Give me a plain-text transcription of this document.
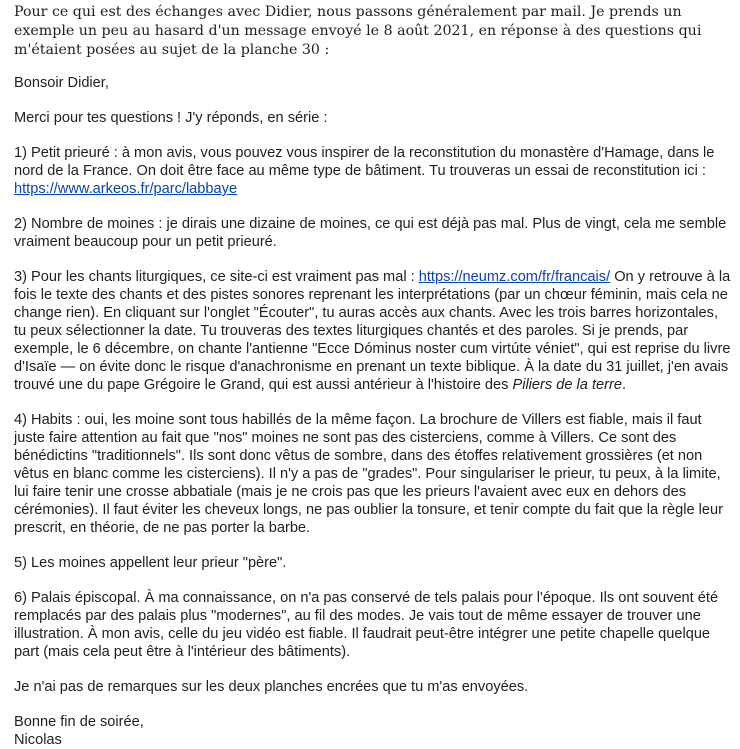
Pour ce qui est des échanges avec Didier, nous passons généralement par mail. Je prends un exemple un peu au hasard d'un message envoyé le 8 août 2021, en réponse à des questions qui m'étaient posées au sujet de la planche 30 :

Bonsoir Didier,

Merci pour tes questions ! J'y réponds, en série :

1) Petit prieuré : à mon avis, vous pouvez vous inspirer de la reconstitution du monastère d'Hamage, dans le nord de la France. On doit être face au même type de bâtiment. Tu trouveras un essai de reconstitution ici : https://www.arkeos.fr/parc/labbaye

2) Nombre de moines : je dirais une dizaine de moines, ce qui est déjà pas mal. Plus de vingt, cela me semble vraiment beaucoup pour un petit prieuré.

3) Pour les chants liturgiques, ce site-ci est vraiment pas mal : https://neumz.com/fr/francais/ On y retrouve à la fois le texte des chants et des pistes sonores reprenant les interprétations (par un chœur féminin, mais cela ne change rien). En cliquant sur l'onglet "Écouter", tu auras accès aux chants. Avec les trois barres horizontales, tu peux sélectionner la date. Tu trouveras des textes liturgiques chantés et des paroles. Si je prends, par exemple, le 6 décembre, on chante l'antienne "Ecce Dóminus noster cum virtúte véniet", qui est reprise du livre d'Isaïe — on évite donc le risque d'anachronisme en prenant un texte biblique. À la date du 31 juillet, j'en avais trouvé une du pape Grégoire le Grand, qui est aussi antérieur à l'histoire des Piliers de la terre.

4) Habits : oui, les moine sont tous habillés de la même façon. La brochure de Villers est fiable, mais il faut juste faire attention au fait que "nos" moines ne sont pas des cisterciens, comme à Villers. Ce sont des bénédictins "traditionnels". Ils sont donc vêtus de sombre, dans des étoffes relativement grossières (et non vêtus en blanc comme les cisterciens). Il n'y a pas de "grades". Pour singulariser le prieur, tu peux, à la limite, lui faire tenir une crosse abbatiale (mais je ne crois pas que les prieurs l'avaient avec eux en dehors des cérémonies). Il faut éviter les cheveux longs, ne pas oublier la tonsure, et tenir compte du fait que la règle leur prescrit, en théorie, de ne pas porter la barbe.

5) Les moines appellent leur prieur "père".

6) Palais épiscopal. À ma connaissance, on n'a pas conservé de tels palais pour l'époque. Ils ont souvent été remplacés par des palais plus "modernes", au fil des modes. Je vais tout de même essayer de trouver une illustration. À mon avis, celle du jeu vidéo est fiable. Il faudrait peut-être intégrer une petite chapelle quelque part (mais cela peut être à l'intérieur des bâtiments).

Je n'ai pas de remarques sur les deux planches encrées que tu m'as envoyées.

Bonne fin de soirée,
Nicolas
